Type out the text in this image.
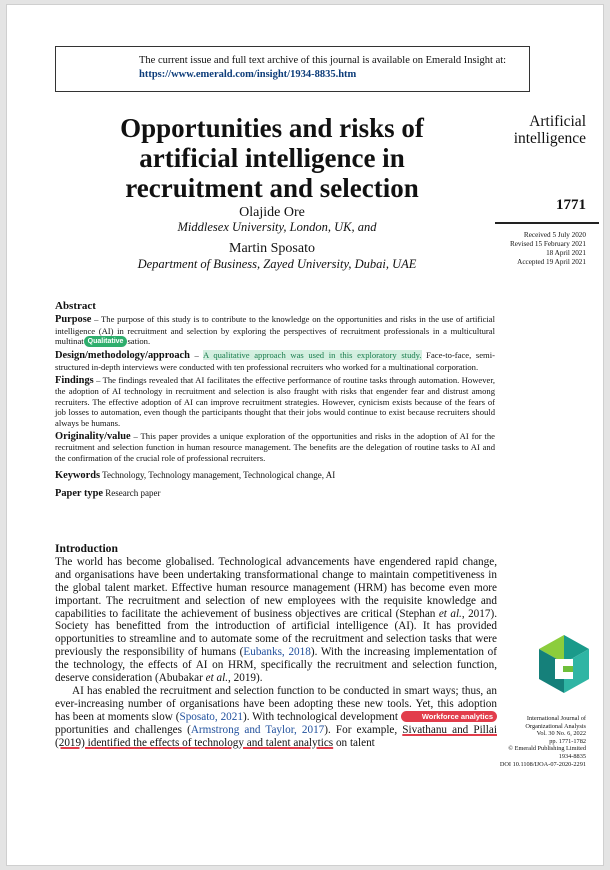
The current issue and full text archive of this journal is available on Emerald Insight at:
https://www.emerald.com/insight/1934-8835.htm
Opportunities and risks of artificial intelligence in recruitment and selection
Olajide Ore
Middlesex University, London, UK, and
Martin Sposato
Department of Business, Zayed University, Dubai, UAE
Artificial
intelligence
1771
Received 5 July 2020
Revised 15 February 2021
18 April 2021
Accepted 19 April 2021
Abstract

Purpose – The purpose of this study is to contribute to the knowledge on the opportunities and risks in the use of artificial intelligence (AI) in recruitment and selection by exploring the perspectives of recruitment professionals in a multicultural multinat Qualitative sation.

Design/methodology/approach – A qualitative approach was used in this exploratory study. Face-to-face, semi-structured in-depth interviews were conducted with ten professional recruiters who worked for a multinational corporation.

Findings – The findings revealed that AI facilitates the effective performance of routine tasks through automation. However, the adoption of AI technology in recruitment and selection is also fraught with risks that engender fear and distrust among recruiters. The effective adoption of AI can improve recruitment strategies. However, cynicism exists because of the fears of job losses to automation, even though the participants thought that their jobs would continue to exist because recruiters should always be humans.

Originality/value – This paper provides a unique exploration of the opportunities and risks in the adoption of AI for the recruitment and selection function in human resource management. The benefits are the delegation of routine tasks to AI and the confirmation of the crucial role of professional recruiters.

Keywords Technology, Technology management, Technological change, AI
Paper type Research paper
Introduction

The world has become globalised. Technological advancements have engendered rapid change, and organisations have been undertaking transformational change to maintain competitiveness in the global talent market. Effective human resource management (HRM) has become even more important. The recruitment and selection of new employees with the requisite knowledge and capabilities to facilitate the achievement of business objectives are critical (Stephan et al., 2017). Society has benefitted from the introduction of artificial intelligence (AI). It has provided opportunities to streamline and to automate some of the recruitment and selection tasks that were previously the responsibility of humans (Eubanks, 2018). With the increasing implementation of the technology, the effects of AI on HRM, specifically the recruitment and selection function, deserve consideration (Abubakar et al., 2019).

AI has enabled the recruitment and selection function to be conducted in smart ways; thus, an ever-increasing number of organisations have been adopting these new tools. Yet, this adoption has been at moments slow (Sposato, 2021). With technological development	Workforce analyticspportunities and challenges (Armstrong and Taylor, 2017). For example, Sivathanu and Pillai (2019) identified the effects of technology and talent analytics on talent

International Journal of
Organizational Analysis
Vol. 30 No. 6, 2022
pp. 1771-1782
© Emerald Publishing Limited
1934-8835
DOI 10.1108/IJOA-07-2020-2291
